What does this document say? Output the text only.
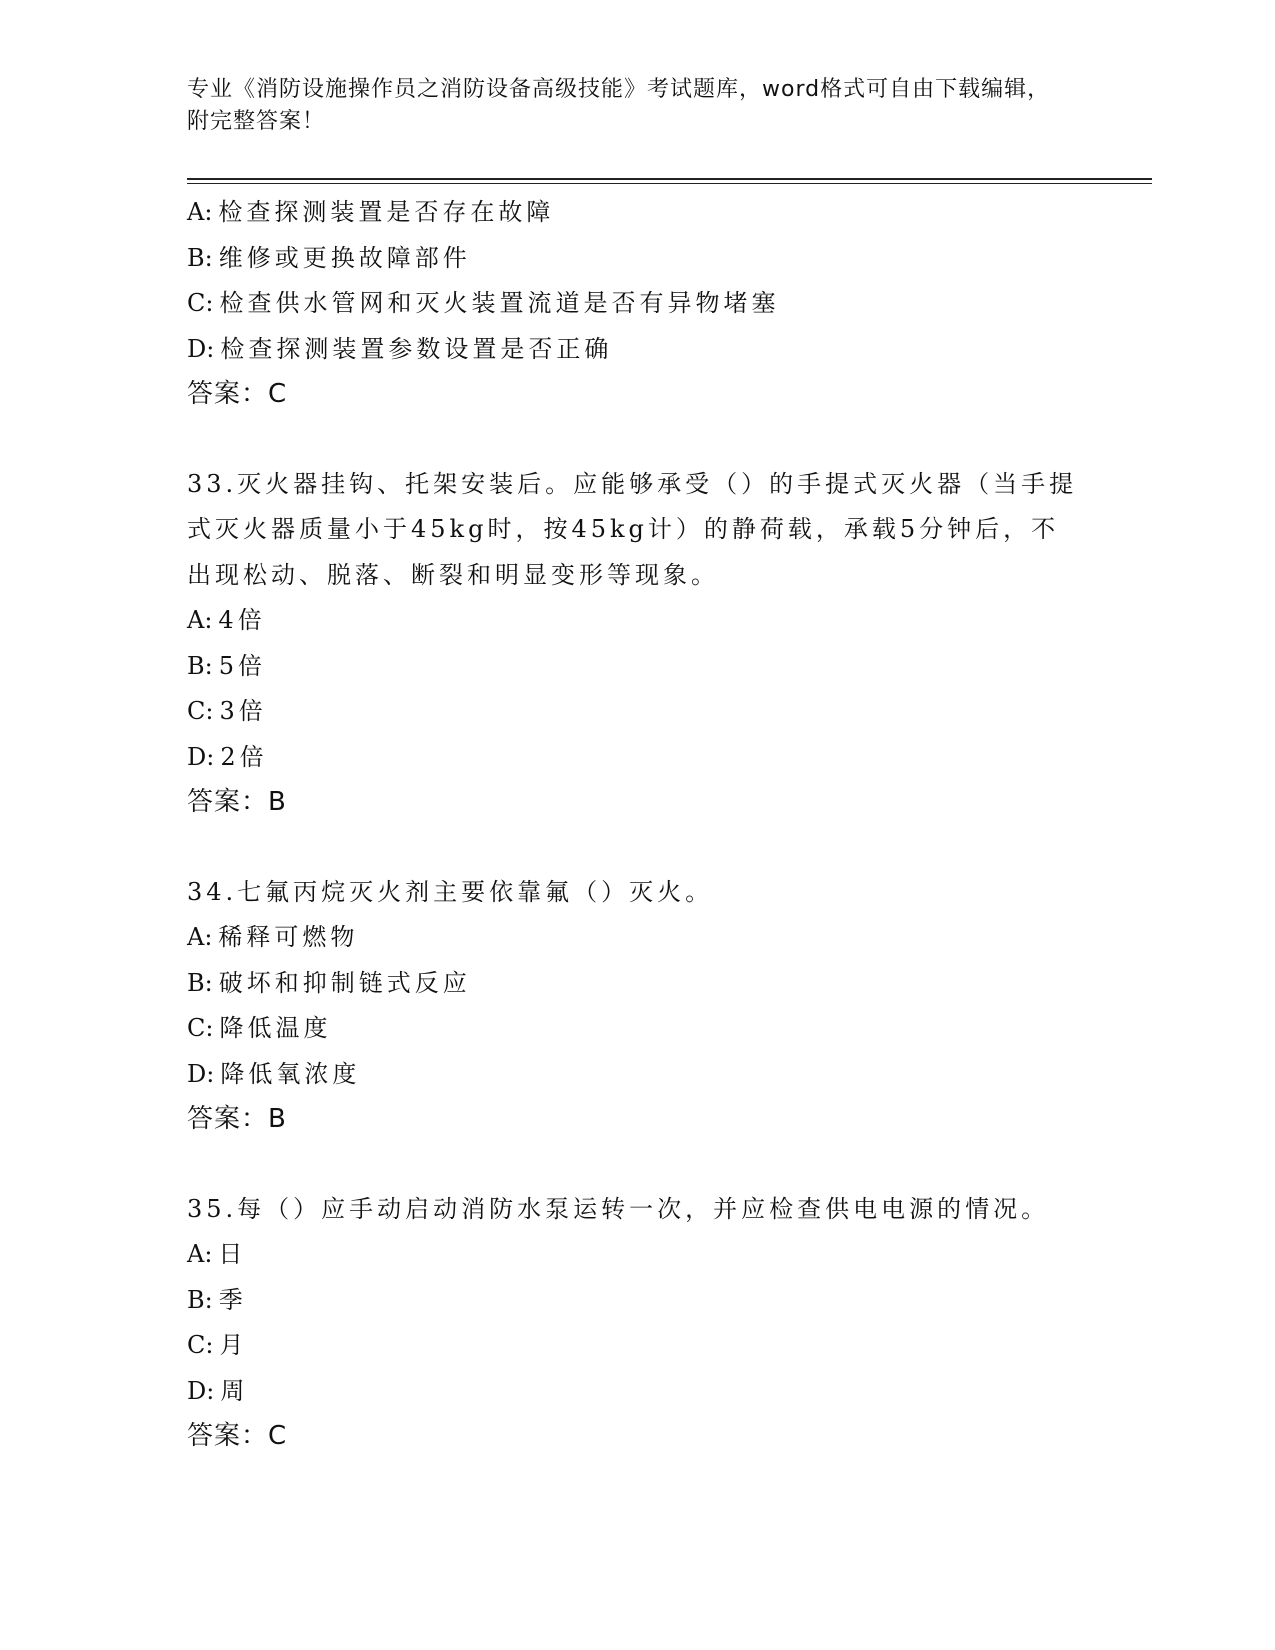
专业《消防设施操作员之消防设备高级技能》考试题库，word格式可自由下载编辑，附完整答案！
A: 检查探测装置是否存在故障
B: 维修或更换故障部件
C: 检查供水管网和灭火装置流道是否有异物堵塞
D: 检查探测装置参数设置是否正确
答案：C
33.灭火器挂钩、托架安装后。应能够承受（）的手提式灭火器（当手提式灭火器质量小于45kg时，按45kg计）的静荷载，承载5分钟后，不出现松动、脱落、断裂和明显变形等现象。
A: 4倍
B: 5倍
C: 3倍
D: 2倍
答案：B
34.七氟丙烷灭火剂主要依靠氟（）灭火。
A: 稀释可燃物
B: 破坏和抑制链式反应
C: 降低温度
D: 降低氧浓度
答案：B
35.每（）应手动启动消防水泵运转一次，并应检查供电电源的情况。
A: 日
B: 季
C: 月
D: 周
答案：C
